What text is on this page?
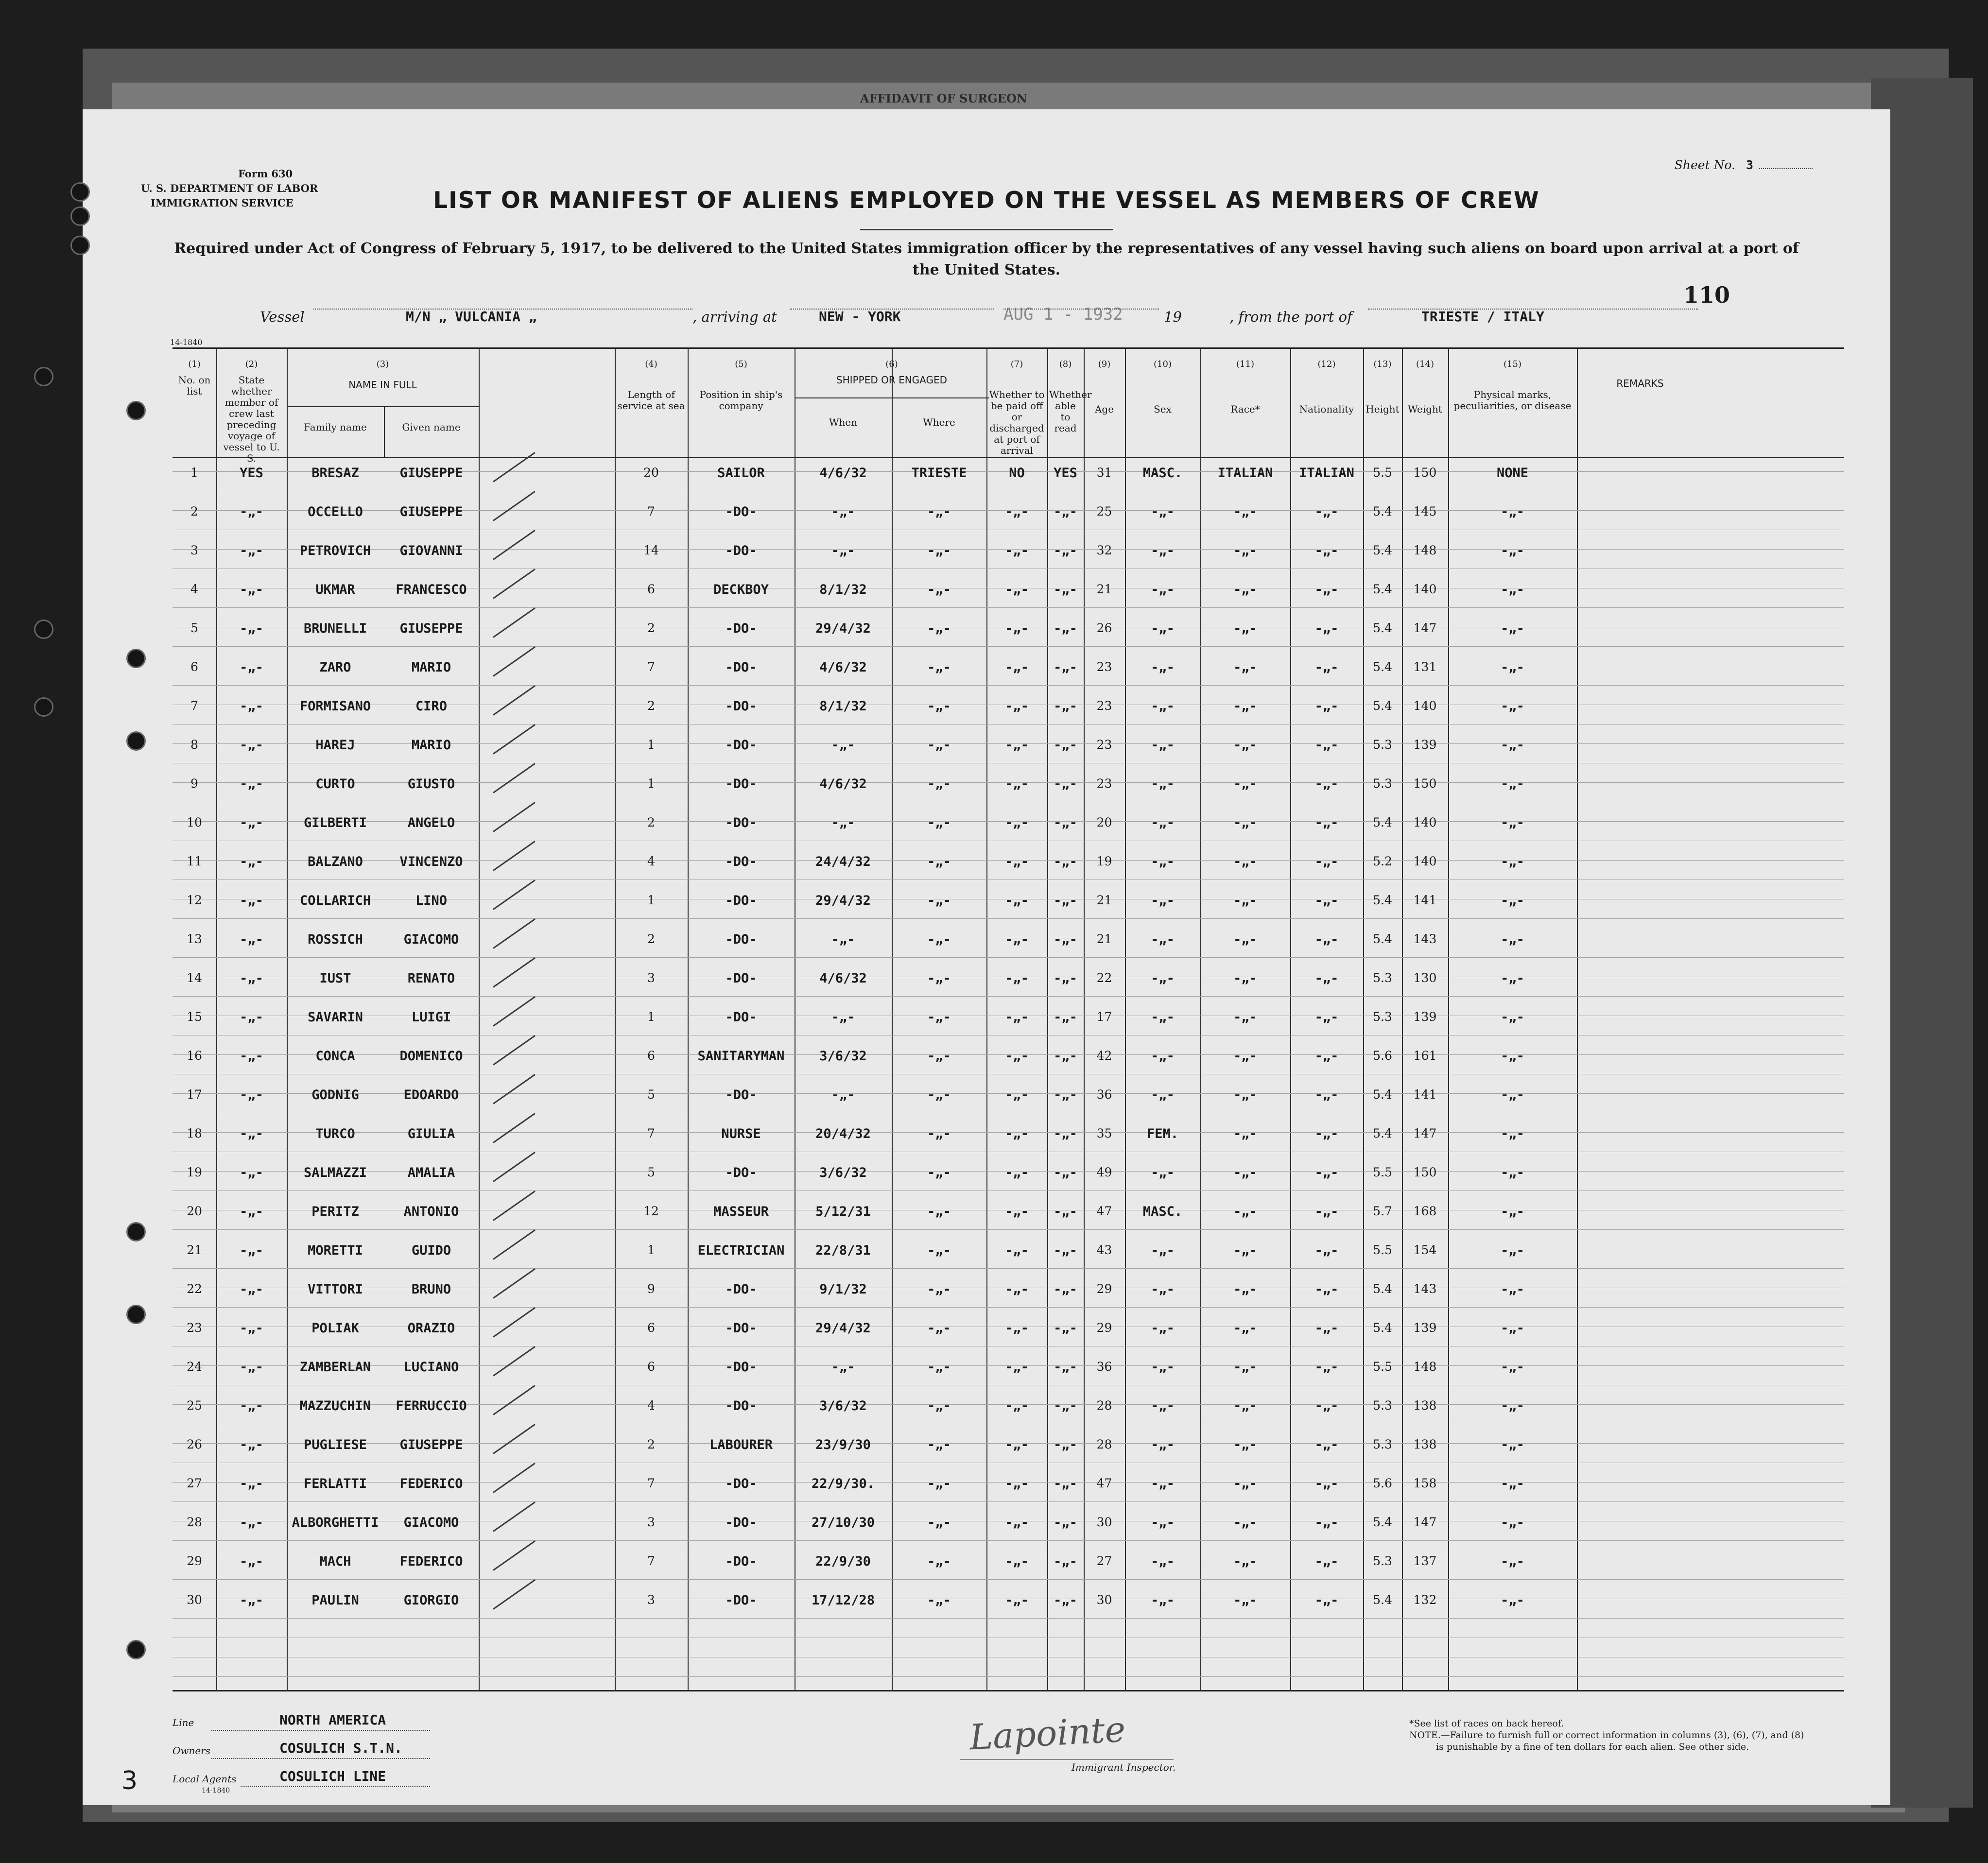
AFFIDAVIT OF SURGEON
Form 630
U. S. DEPARTMENT OF LABOR
IMMIGRATION SERVICE
Sheet No. 3
LIST OR MANIFEST OF ALIENS EMPLOYED ON THE VESSEL AS MEMBERS OF CREW
Required under Act of Congress of February 5, 1917, to be delivered to the United States immigration officer by the representatives of any vessel having such aliens on board upon arrival at a port of the United States.
110
Vessel	M/N „ VULCANIA „	, arriving at	NEW - YORK	AUG 1 - 1932	19	, from the port of	TRIESTE / ITALY
14-1840
(1)
No. on list
(2)
State whether member of crew last preceding voyage of vessel to U. S.
(4)
Length of service at sea
(5)
Position in ship's company
(7)
Whether to be paid off or discharged at port of arrival
(8)
Whether able to read
(9)
Age
(10)
Sex
(11)
Race*
(12)
Nationality
(13)
Height
(14)
Weight
(15)
Physical marks, peculiarities, or disease
(3)
NAME IN FULL
Family name	Given name
(6)
SHIPPED OR ENGAGED
When	Where
REMARKS
1	YES	BRESAZ	GIUSEPPE	20	SAILOR	4/6/32	TRIESTE	NO	YES	31	MASC.	ITALIAN	ITALIAN	5.5	150	NONE
2	-„-	OCCELLO	GIUSEPPE	7	-DO-	-„-	-„-	-„-	-„-	25	-„-	-„-	-„-	5.4	145	-„-
3	-„-	PETROVICH	GIOVANNI	14	-DO-	-„-	-„-	-„-	-„-	32	-„-	-„-	-„-	5.4	148	-„-
4	-„-	UKMAR	FRANCESCO	6	DECKBOY	8/1/32	-„-	-„-	-„-	21	-„-	-„-	-„-	5.4	140	-„-
5	-„-	BRUNELLI	GIUSEPPE	2	-DO-	29/4/32	-„-	-„-	-„-	26	-„-	-„-	-„-	5.4	147	-„-
6	-„-	ZARO	MARIO	7	-DO-	4/6/32	-„-	-„-	-„-	23	-„-	-„-	-„-	5.4	131	-„-
7	-„-	FORMISANO	CIRO	2	-DO-	8/1/32	-„-	-„-	-„-	23	-„-	-„-	-„-	5.4	140	-„-
8	-„-	HAREJ	MARIO	1	-DO-	-„-	-„-	-„-	-„-	23	-„-	-„-	-„-	5.3	139	-„-
9	-„-	CURTO	GIUSTO	1	-DO-	4/6/32	-„-	-„-	-„-	23	-„-	-„-	-„-	5.3	150	-„-
10	-„-	GILBERTI	ANGELO	2	-DO-	-„-	-„-	-„-	-„-	20	-„-	-„-	-„-	5.4	140	-„-
11	-„-	BALZANO	VINCENZO	4	-DO-	24/4/32	-„-	-„-	-„-	19	-„-	-„-	-„-	5.2	140	-„-
12	-„-	COLLARICH	LINO	1	-DO-	29/4/32	-„-	-„-	-„-	21	-„-	-„-	-„-	5.4	141	-„-
13	-„-	ROSSICH	GIACOMO	2	-DO-	-„-	-„-	-„-	-„-	21	-„-	-„-	-„-	5.4	143	-„-
14	-„-	IUST	RENATO	3	-DO-	4/6/32	-„-	-„-	-„-	22	-„-	-„-	-„-	5.3	130	-„-
15	-„-	SAVARIN	LUIGI	1	-DO-	-„-	-„-	-„-	-„-	17	-„-	-„-	-„-	5.3	139	-„-
16	-„-	CONCA	DOMENICO	6	SANITARYMAN	3/6/32	-„-	-„-	-„-	42	-„-	-„-	-„-	5.6	161	-„-
17	-„-	GODNIG	EDOARDO	5	-DO-	-„-	-„-	-„-	-„-	36	-„-	-„-	-„-	5.4	141	-„-
18	-„-	TURCO	GIULIA	7	NURSE	20/4/32	-„-	-„-	-„-	35	FEM.	-„-	-„-	5.4	147	-„-
19	-„-	SALMAZZI	AMALIA	5	-DO-	3/6/32	-„-	-„-	-„-	49	-„-	-„-	-„-	5.5	150	-„-
20	-„-	PERITZ	ANTONIO	12	MASSEUR	5/12/31	-„-	-„-	-„-	47	MASC.	-„-	-„-	5.7	168	-„-
21	-„-	MORETTI	GUIDO	1	ELECTRICIAN	22/8/31	-„-	-„-	-„-	43	-„-	-„-	-„-	5.5	154	-„-
22	-„-	VITTORI	BRUNO	9	-DO-	9/1/32	-„-	-„-	-„-	29	-„-	-„-	-„-	5.4	143	-„-
23	-„-	POLIAK	ORAZIO	6	-DO-	29/4/32	-„-	-„-	-„-	29	-„-	-„-	-„-	5.4	139	-„-
24	-„-	ZAMBERLAN	LUCIANO	6	-DO-	-„-	-„-	-„-	-„-	36	-„-	-„-	-„-	5.5	148	-„-
25	-„-	MAZZUCHIN	FERRUCCIO	4	-DO-	3/6/32	-„-	-„-	-„-	28	-„-	-„-	-„-	5.3	138	-„-
26	-„-	PUGLIESE	GIUSEPPE	2	LABOURER	23/9/30	-„-	-„-	-„-	28	-„-	-„-	-„-	5.3	138	-„-
27	-„-	FERLATTI	FEDERICO	7	-DO-	22/9/30.	-„-	-„-	-„-	47	-„-	-„-	-„-	5.6	158	-„-
28	-„-	ALBORGHETTI	GIACOMO	3	-DO-	27/10/30	-„-	-„-	-„-	30	-„-	-„-	-„-	5.4	147	-„-
29	-„-	MACH	FEDERICO	7	-DO-	22/9/30	-„-	-„-	-„-	27	-„-	-„-	-„-	5.3	137	-„-
30	-„-	PAULIN	GIORGIO	3	-DO-	17/12/28	-„-	-„-	-„-	30	-„-	-„-	-„-	5.4	132	-„-
Line	NORTH AMERICA
Owners	COSULICH S.T.N.
Local Agents	COSULICH LINE
14-1840
3
Lapointe
Immigrant Inspector.
*See list of races on back hereof.
NOTE.—Failure to furnish full or correct information in columns (3), (6), (7), and (8)
is punishable by a fine of ten dollars for each alien. See other side.
